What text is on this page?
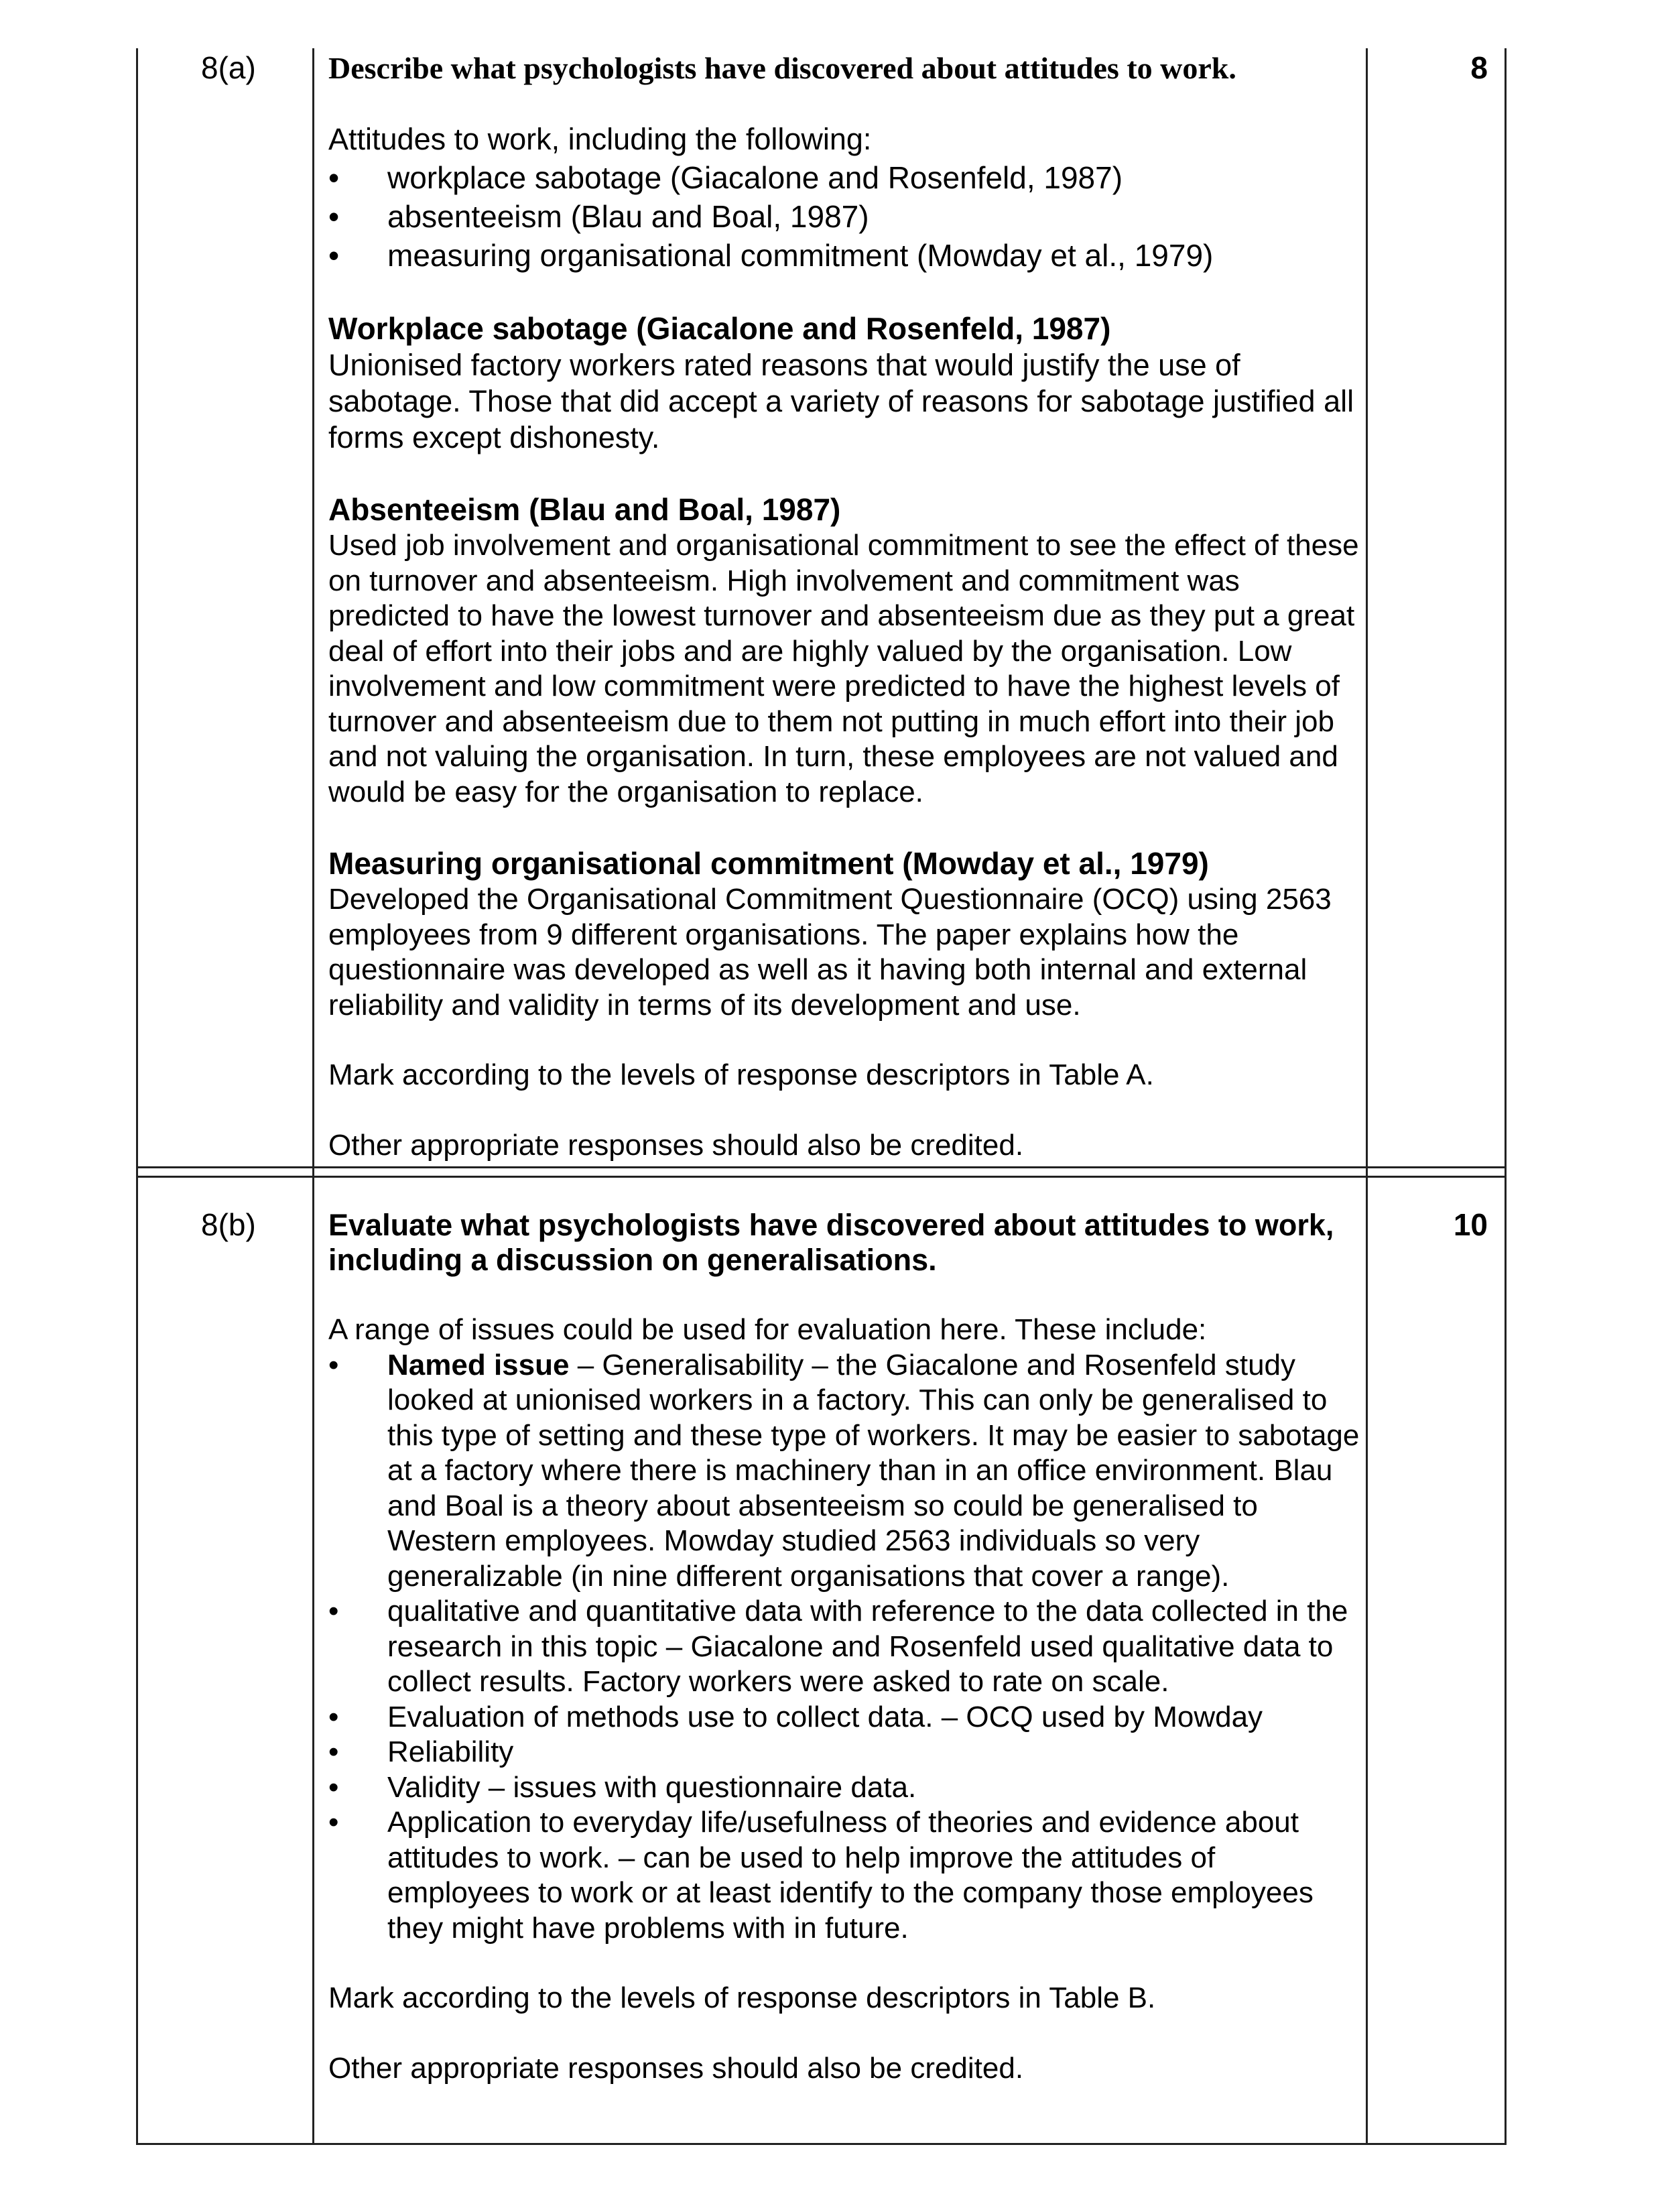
8(a)	8

Describe what psychologists have discovered about attitudes to work.

Attitudes to work, including the following:

• workplace sabotage (Giacalone and Rosenfeld, 1987)
• absenteeism (Blau and Boal, 1987)
• measuring organisational commitment (Mowday et al., 1979)

Workplace sabotage (Giacalone and Rosenfeld, 1987)

Unionised factory workers rated reasons that would justify the use of sabotage. Those that did accept a variety of reasons for sabotage justified all forms except dishonesty.

Absenteeism (Blau and Boal, 1987)

Used job involvement and organisational commitment to see the effect of these on turnover and absenteeism. High involvement and commitment was predicted to have the lowest turnover and absenteeism due as they put a great deal of effort into their jobs and are highly valued by the organisation. Low involvement and low commitment were predicted to have the highest levels of turnover and absenteeism due to them not putting in much effort into their job and not valuing the organisation. In turn, these employees are not valued and would be easy for the organisation to replace.

Measuring organisational commitment (Mowday et al., 1979)

Developed the Organisational Commitment Questionnaire (OCQ) using 2563 employees from 9 different organisations. The paper explains how the questionnaire was developed as well as it having both internal and external reliability and validity in terms of its development and use.

Mark according to the levels of response descriptors in Table A.

Other appropriate responses should also be credited.

8(b)	10

Evaluate what psychologists have discovered about attitudes to work, including a discussion on generalisations.

A range of issues could be used for evaluation here. These include:

• Named issue – Generalisability – the Giacalone and Rosenfeld study looked at unionised workers in a factory. This can only be generalised to this type of setting and these type of workers. It may be easier to sabotage at a factory where there is machinery than in an office environment. Blau and Boal is a theory about absenteeism so could be generalised to Western employees. Mowday studied 2563 individuals so very generalizable (in nine different organisations that cover a range).
• qualitative and quantitative data with reference to the data collected in the research in this topic – Giacalone and Rosenfeld used qualitative data to collect results. Factory workers were asked to rate on scale.
• Evaluation of methods use to collect data. – OCQ used by Mowday
• Reliability
• Validity – issues with questionnaire data.
• Application to everyday life/usefulness of theories and evidence about attitudes to work. – can be used to help improve the attitudes of employees to work or at least identify to the company those employees they might have problems with in future.

Mark according to the levels of response descriptors in Table B.

Other appropriate responses should also be credited.
